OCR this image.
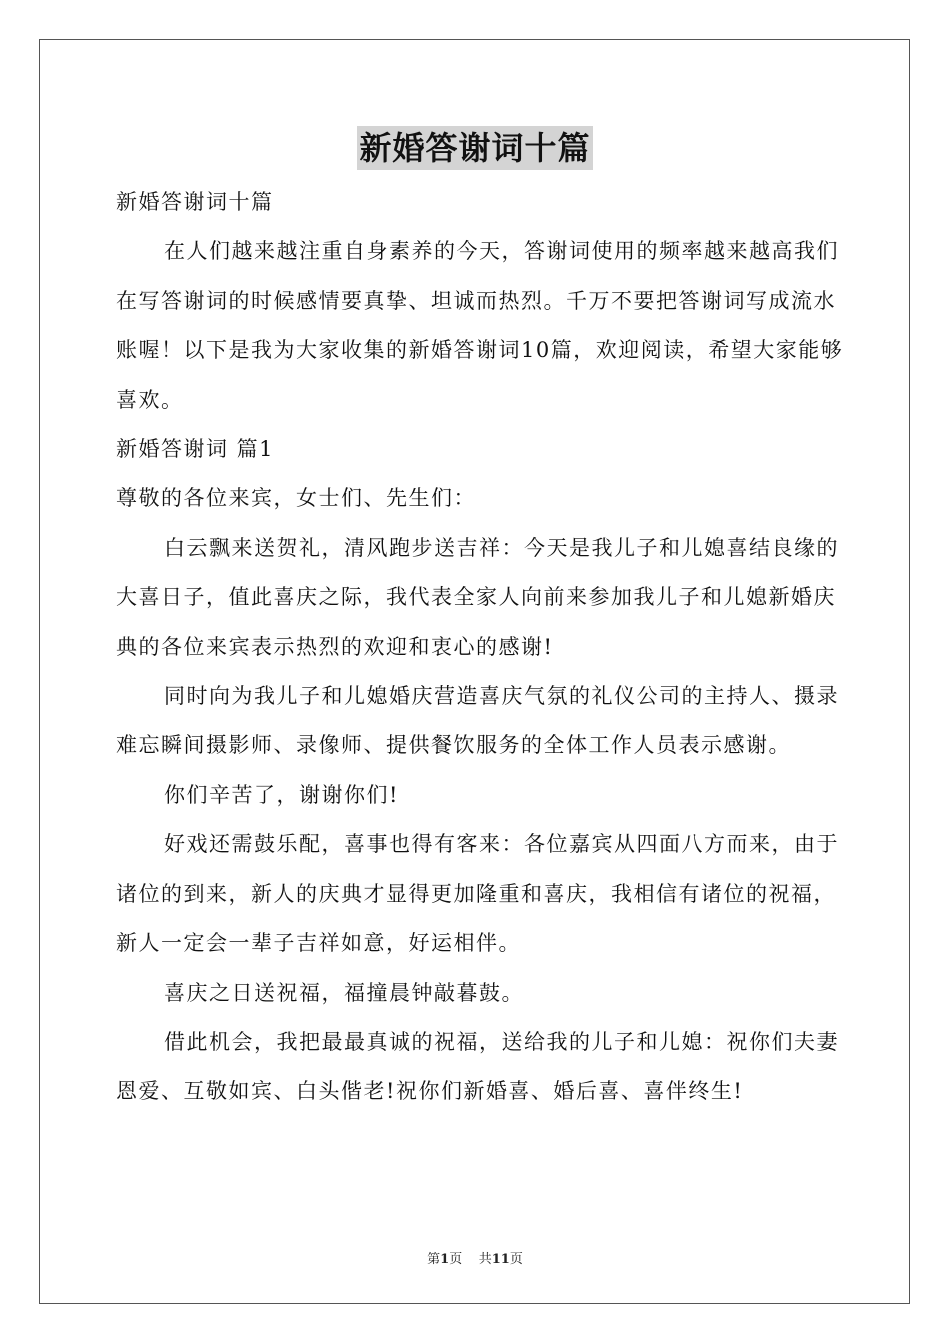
新婚答谢词十篇

新婚答谢词十篇

在人们越来越注重自身素养的今天，答谢词使用的频率越来越高我们在写答谢词的时候感情要真挚、坦诚而热烈。千万不要把答谢词写成流水账喔！以下是我为大家收集的新婚答谢词10篇，欢迎阅读，希望大家能够喜欢。

新婚答谢词 篇1

尊敬的各位来宾，女士们、先生们：

白云飘来送贺礼，清风跑步送吉祥：今天是我儿子和儿媳喜结良缘的大喜日子，值此喜庆之际，我代表全家人向前来参加我儿子和儿媳新婚庆典的各位来宾表示热烈的欢迎和衷心的感谢!

同时向为我儿子和儿媳婚庆营造喜庆气氛的礼仪公司的主持人、摄录难忘瞬间摄影师、录像师、提供餐饮服务的全体工作人员表示感谢。

你们辛苦了，谢谢你们!

好戏还需鼓乐配，喜事也得有客来：各位嘉宾从四面八方而来，由于诸位的到来，新人的庆典才显得更加隆重和喜庆，我相信有诸位的祝福，新人一定会一辈子吉祥如意，好运相伴。

喜庆之日送祝福，福撞晨钟敲暮鼓。

借此机会，我把最最真诚的祝福，送给我的儿子和儿媳：祝你们夫妻恩爱、互敬如宾、白头偕老!祝你们新婚喜、婚后喜、喜伴终生!

第1页 共11页
